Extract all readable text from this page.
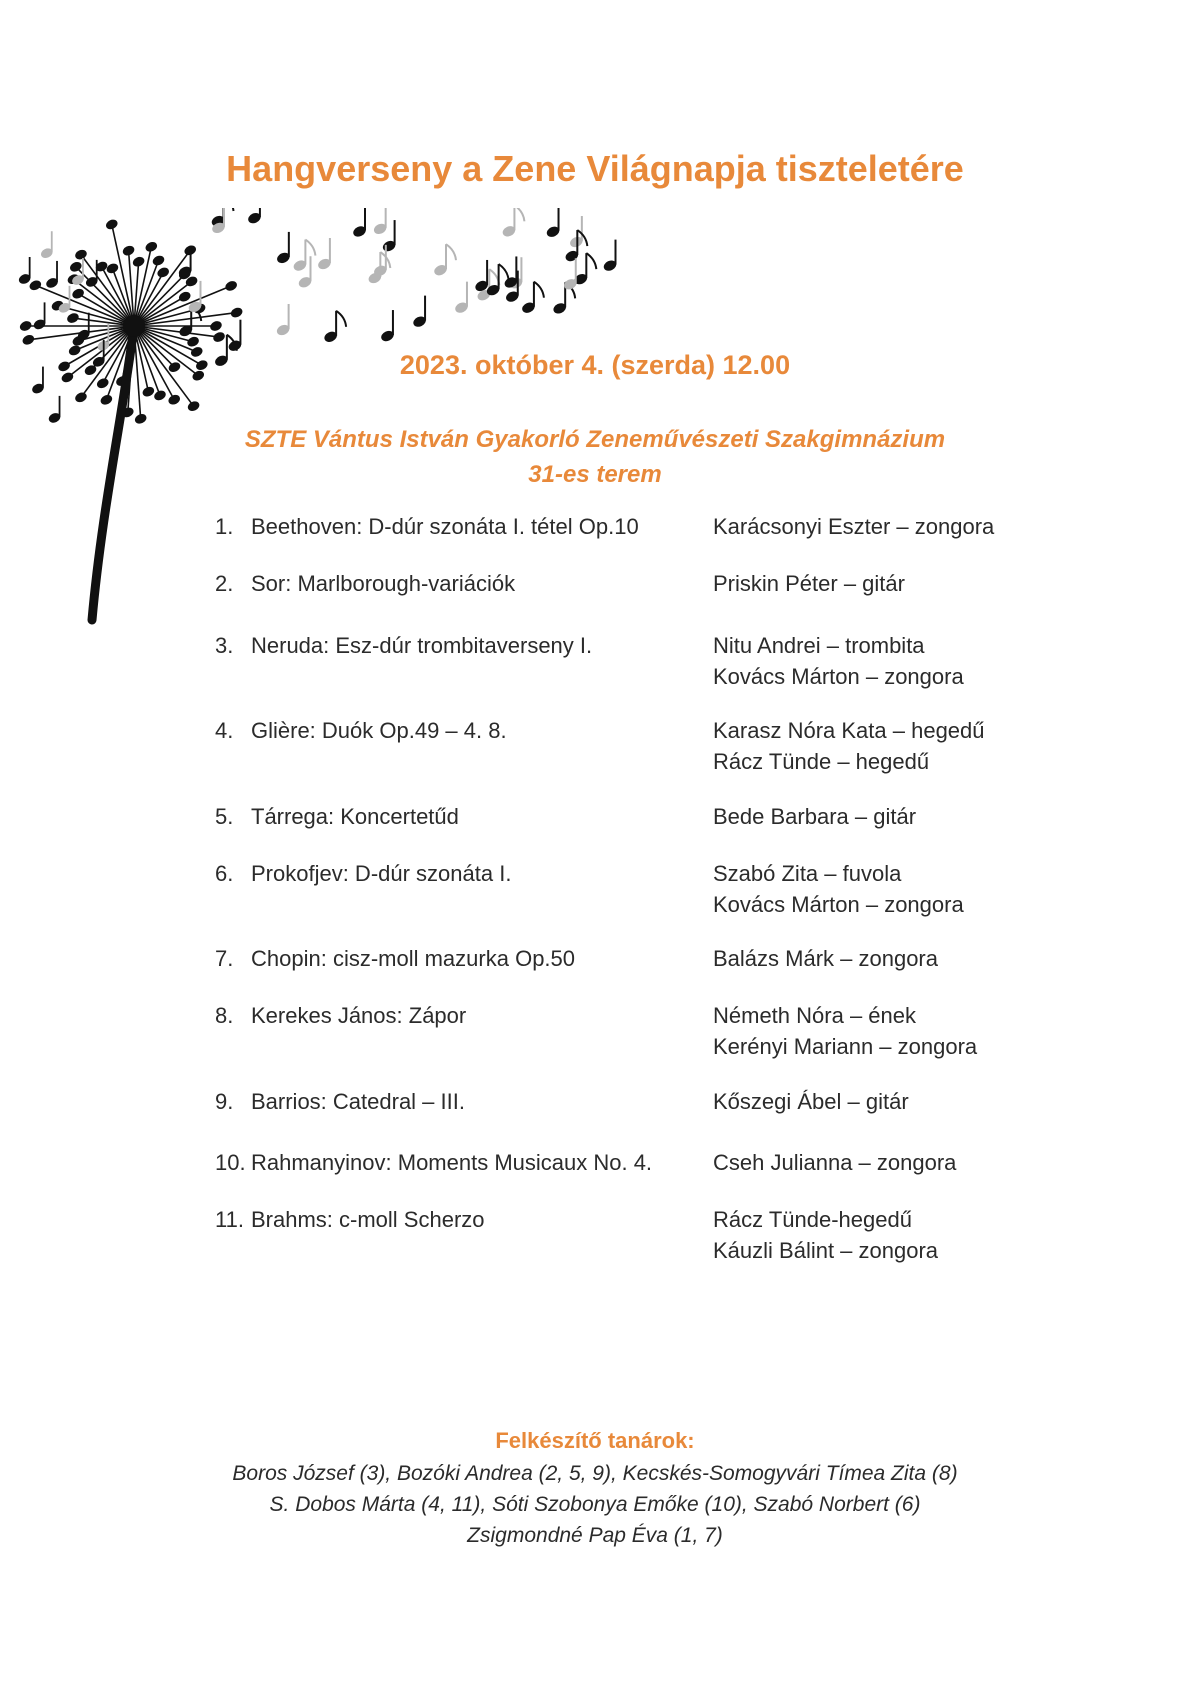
Hangverseny a Zene Világnapja tiszteletére
2023. október 4. (szerda) 12.00
SZTE Vántus István Gyakorló Zeneművészeti Szakgimnázium
31-es terem
1. Beethoven: D-dúr szonáta I. tétel Op.10	Karácsonyi Eszter – zongora
2. Sor: Marlborough-variációk	Priskin Péter – gitár
3. Neruda: Esz-dúr trombitaverseny I.	Nitu Andrei – trombita
Kovács Márton – zongora
4. Glière: Duók Op.49 – 4. 8.	Karasz Nóra Kata – hegedű
Rácz Tünde – hegedű
5. Tárrega: Koncertetűd	Bede Barbara – gitár
6. Prokofjev: D-dúr szonáta I.	Szabó Zita – fuvola
Kovács Márton – zongora
7. Chopin: cisz-moll mazurka Op.50	Balázs Márk – zongora
8. Kerekes János: Zápor	Németh Nóra – ének
Kerényi Mariann – zongora
9. Barrios: Catedral – III.	Kőszegi Ábel – gitár
10. Rahmanyinov: Moments Musicaux No. 4.	Cseh Julianna – zongora
11. Brahms: c-moll Scherzo	Rácz Tünde-hegedű
Káuzli Bálint – zongora
Felkészítő tanárok:
Boros József (3), Bozóki Andrea (2, 5, 9), Kecskés-Somogyvári Tímea Zita (8)
S. Dobos Márta (4, 11), Sóti Szobonya Emőke (10), Szabó Norbert (6)
Zsigmondné Pap Éva (1, 7)
